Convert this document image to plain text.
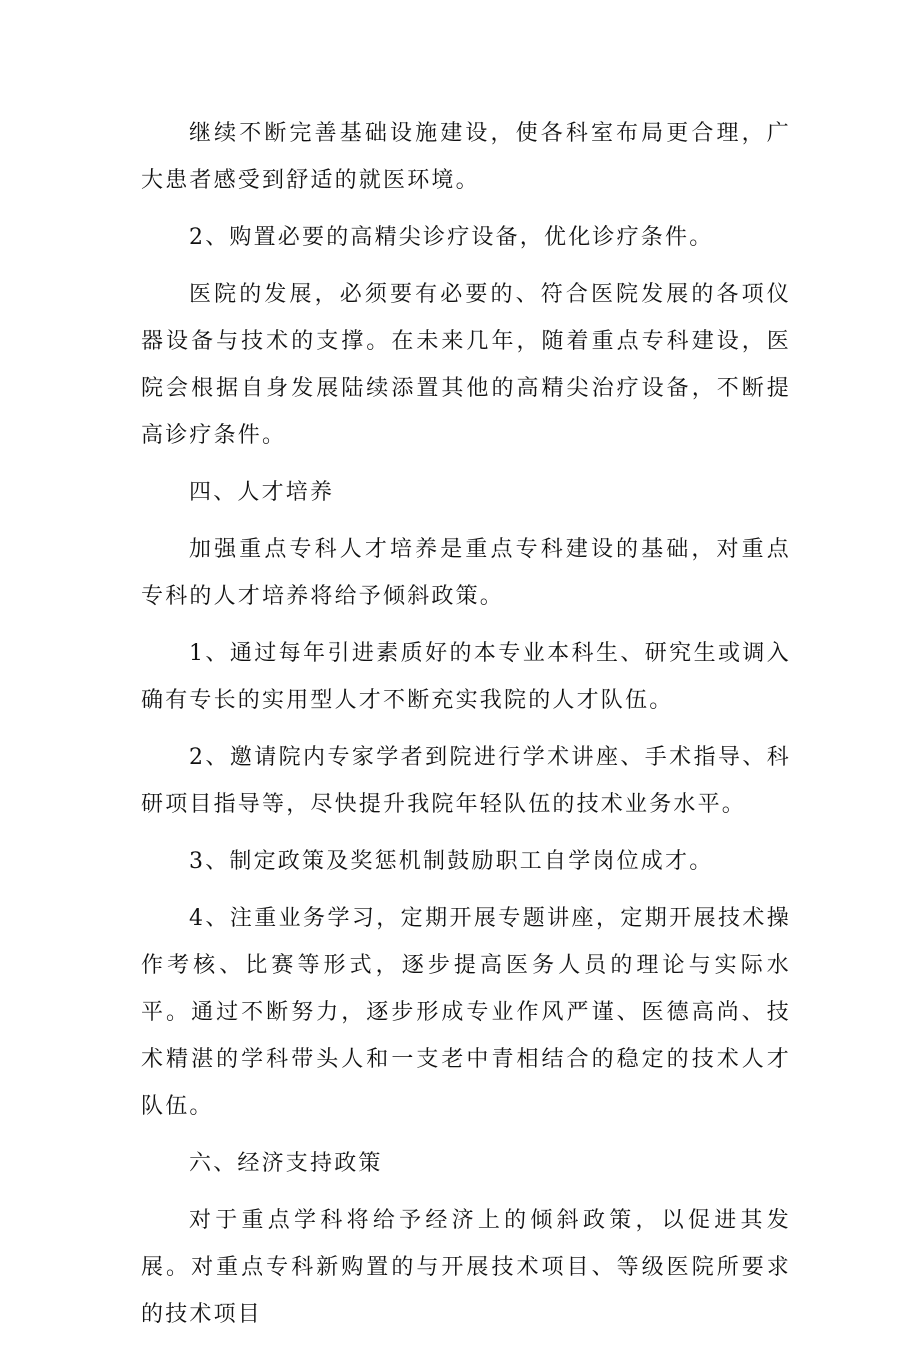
继续不断完善基础设施建设，使各科室布局更合理，广大患者感受到舒适的就医环境。

2、购置必要的高精尖诊疗设备，优化诊疗条件。

医院的发展，必须要有必要的、符合医院发展的各项仪器设备与技术的支撑。在未来几年，随着重点专科建设，医院会根据自身发展陆续添置其他的高精尖治疗设备，不断提高诊疗条件。

四、人才培养

加强重点专科人才培养是重点专科建设的基础，对重点专科的人才培养将给予倾斜政策。

1、通过每年引进素质好的本专业本科生、研究生或调入确有专长的实用型人才不断充实我院的人才队伍。

2、邀请院内专家学者到院进行学术讲座、手术指导、科研项目指导等，尽快提升我院年轻队伍的技术业务水平。

3、制定政策及奖惩机制鼓励职工自学岗位成才。

4、注重业务学习，定期开展专题讲座，定期开展技术操作考核、比赛等形式，逐步提高医务人员的理论与实际水平。通过不断努力，逐步形成专业作风严谨、医德高尚、技术精湛的学科带头人和一支老中青相结合的稳定的技术人才队伍。

六、经济支持政策

对于重点学科将给予经济上的倾斜政策，以促进其发展。对重点专科新购置的与开展技术项目、等级医院所要求的技术项目
